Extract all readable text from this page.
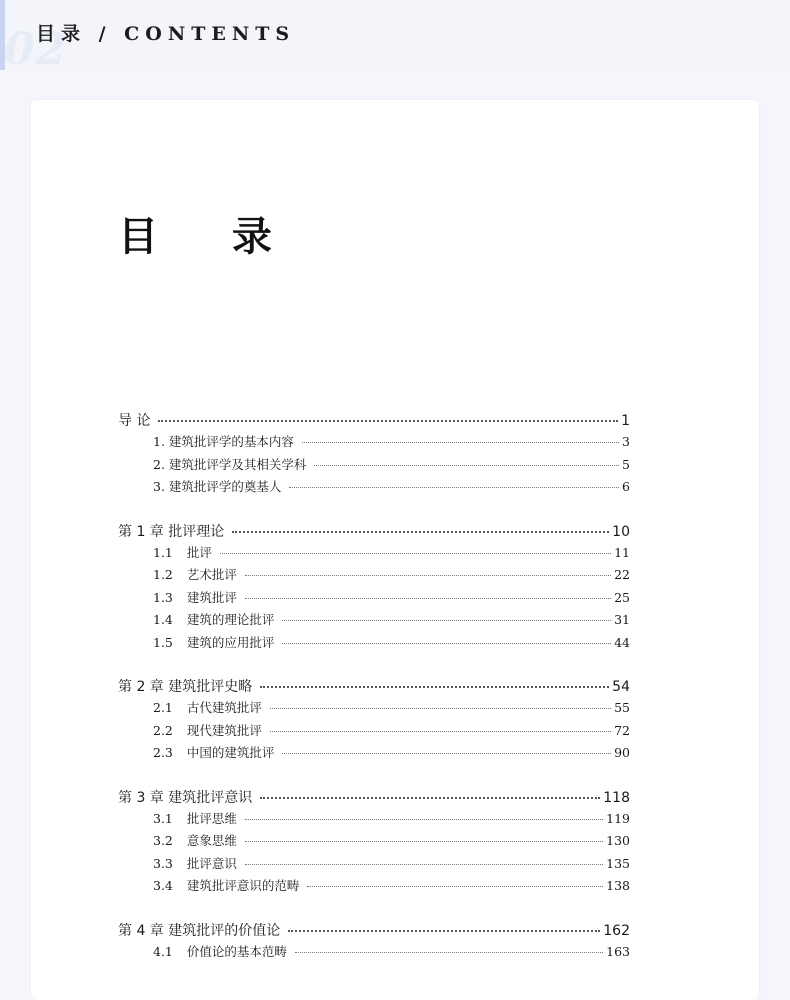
02
目录 / CONTENTS
目 录
导 论	1
1. 建筑批评学的基本内容	3
2. 建筑批评学及其相关学科	5
3. 建筑批评学的奠基人	6
第 1 章 批评理论	10
1.1 批评	11
1.2 艺术批评	22
1.3 建筑批评	25
1.4 建筑的理论批评	31
1.5 建筑的应用批评	44
第 2 章 建筑批评史略	54
2.1 古代建筑批评	55
2.2 现代建筑批评	72
2.3 中国的建筑批评	90
第 3 章 建筑批评意识	118
3.1 批评思维	119
3.2 意象思维	130
3.3 批评意识	135
3.4 建筑批评意识的范畴	138
第 4 章 建筑批评的价值论	162
4.1 价值论的基本范畴	163
